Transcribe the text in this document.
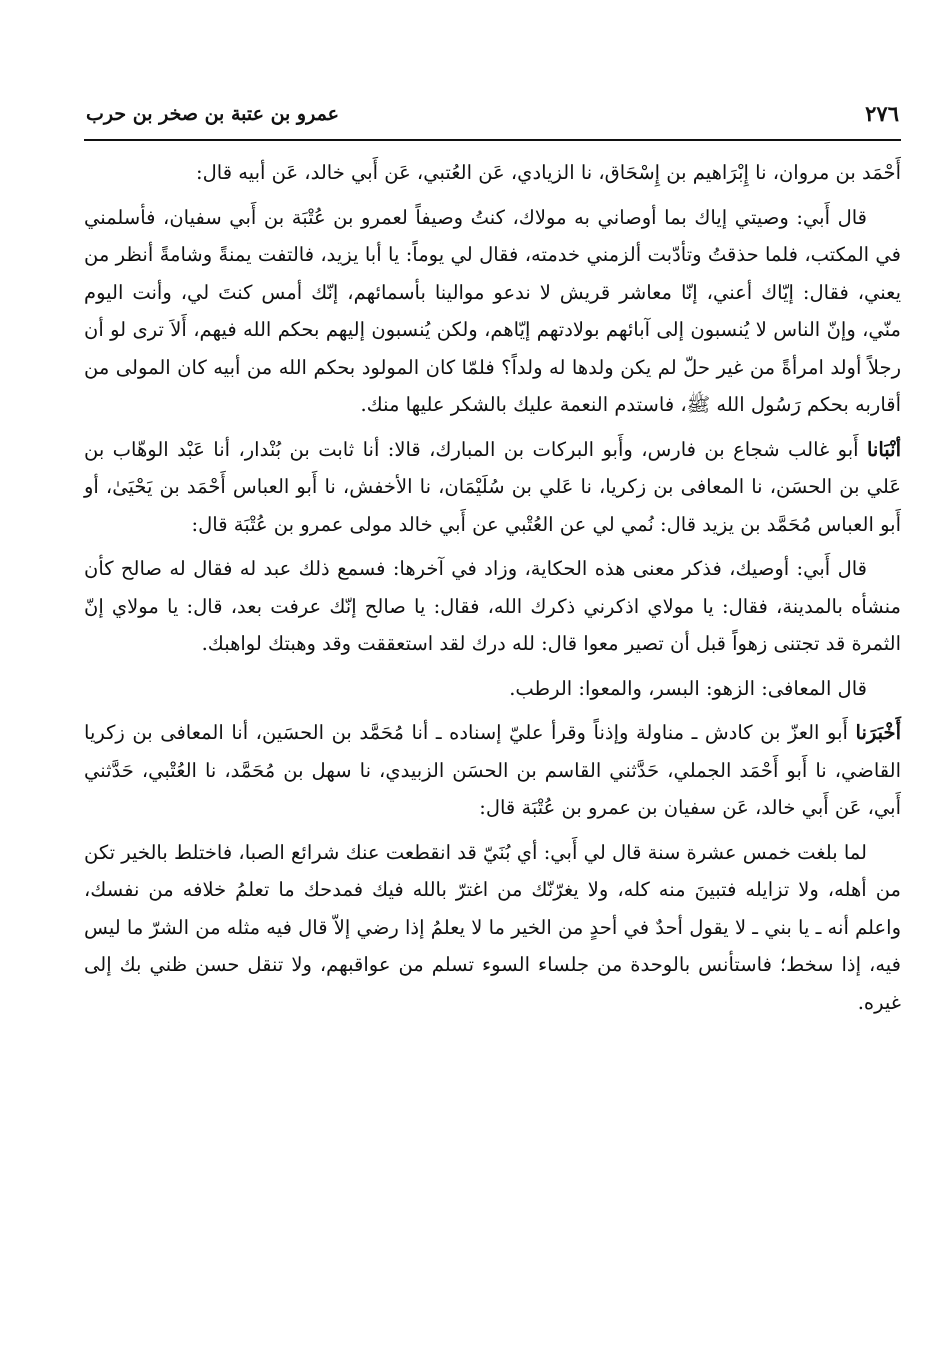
٢٧٦
عمرو بن عتبة بن صخر بن حرب

أَحْمَد بن مروان، نا إِبْرَاهيم بن إِسْحَاق، نا الزيادي، عَن العُتبي، عَن أَبي خالد، عَن أبيه قال:

قال أَبي: وصيتي إياك بما أوصاني به مولاك، كنتُ وصيفاً لعمرو بن عُتْبَة بن أَبي سفيان، فأسلمني في المكتب، فلما حذقتُ وتأدّبت ألزمني خدمته، فقال لي يوماً: يا أبا يزيد، فالتفت يمنةً وشامةً أنظر من يعني، فقال: إيّاك أعني، إنّا معاشر قريش لا ندعو موالينا بأسمائهم، إنّك أمس كنتَ لي، وأنت اليوم منّي، وإنّ الناس لا يُنسبون إلى آبائهم بولادتهم إيّاهم، ولكن يُنسبون إليهم بحكم الله فيهم، أَلاَ ترى لو أن رجلاً أولد امرأةً من غير حلّ لم يكن ولدها له ولداً؟ فلمّا كان المولود بحكم الله من أبيه كان المولى من أقاربه بحكم رَسُول الله ﷺ، فاستدم النعمة عليك بالشكر عليها منك.

أنْبَانا أَبو غالب شجاع بن فارس، وأَبو البركات بن المبارك، قالا: أنا ثابت بن بُنْدار، أنا عَبْد الوهّاب بن عَلي بن الحسَن، نا المعافى بن زكريا، نا عَلي بن سُلَيْمَان، نا الأخفش، نا أَبو العباس أَحْمَد بن يَحْيَىٰ، أو أَبو العباس مُحَمَّد بن يزيد قال: نُمي لي عن العُتْبي عن أَبي خالد مولى عمرو بن عُتْبَة قال:

قال أَبي: أوصيك، فذكر معنى هذه الحكاية، وزاد في آخرها: فسمع ذلك عبد له فقال له صالح كأن منشأه بالمدينة، فقال: يا مولاي اذكرني ذكرك الله، فقال: يا صالح إنّك عرفت بعد، قال: يا مولاي إنّ الثمرة قد تجتنى زهواً قبل أن تصير معوا قال: لله درك لقد استعققت وقد وهبتك لواهبك.

قال المعافى: الزهو: البسر، والمعوا: الرطب.

أَخْبَرَنا أَبو العزّ بن كادش ـ مناولة وإذناً وقرأ عليّ إسناده ـ أنا مُحَمَّد بن الحسَين، أنا المعافى بن زكريا القاضي، نا أَبو أَحْمَد الجملي، حَدَّثني القاسم بن الحسَن الزبيدي، نا سهل بن مُحَمَّد، نا العُتْبي، حَدَّثني أَبي، عَن أَبي خالد، عَن سفيان بن عمرو بن عُتْبَة قال:

لما بلغت خمس عشرة سنة قال لي أَبي: أي بُنَيّ قد انقطعت عنك شرائع الصبا، فاختلط بالخير تكن من أهله، ولا تزايله فتبينَ منه كله، ولا يغرّنّك من اغترّ بالله فيك فمدحك ما تعلمُ خلافه من نفسك، واعلم أنه ـ يا بني ـ لا يقول أحدٌ في أحدٍ من الخير ما لا يعلمُ إذا رضي إلاّ قال فيه مثله من الشرّ ما ليس فيه، إذا سخط؛ فاستأنس بالوحدة من جلساء السوء تسلم من عواقبهم، ولا تنقل حسن ظني بك إلى غيره.
